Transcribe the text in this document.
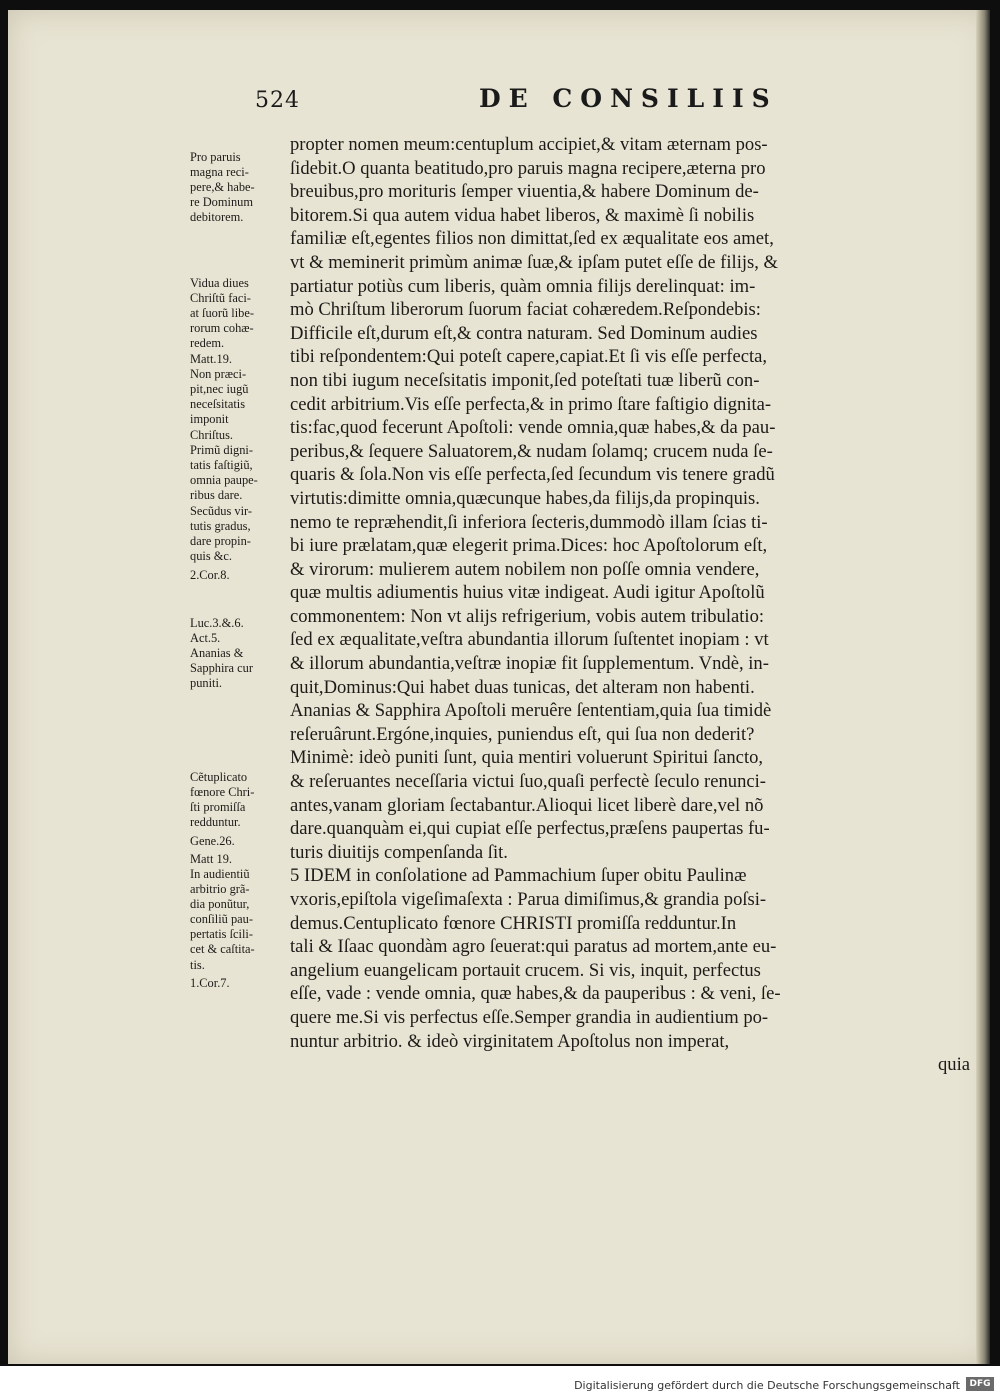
524	DE CONSILIIS
propter nomen meum:centuplum accipiet,& vitam æternam pos-
ſidebit.O quanta beatitudo,pro paruis magna recipere,æterna pro
breuibus,pro morituris ſemper viuentia,& habere Dominum de-
bitorem.Si qua autem vidua habet liberos, & maximè ſi nobilis
familiæ eſt,egentes filios non dimittat,ſed ex æqualitate eos amet,
vt & meminerit primùm animæ ſuæ,& ipſam putet eſſe de filijs, &
partiatur potiùs cum liberis, quàm omnia filijs derelinquat: im-
mò Chriſtum liberorum ſuorum faciat cohæredem.Reſpondebis:
Difficile eſt,durum eſt,& contra naturam. Sed Dominum audies
tibi reſpondentem:Qui poteſt capere,capiat.Et ſi vis eſſe perfecta,
non tibi iugum neceſsitatis imponit,ſed poteſtati tuæ liberũ con-
cedit arbitrium.Vis eſſe perfecta,& in primo ſtare faſtigio dignita-
tis:fac,quod fecerunt Apoſtoli: vende omnia,quæ habes,& da pau-
peribus,& ſequere Saluatorem,& nudam ſolamq; crucem nuda ſe-
quaris & ſola.Non vis eſſe perfecta,ſed ſecundum vis tenere gradũ
virtutis:dimitte omnia,quæcunque habes,da filijs,da propinquis.
nemo te repræhendit,ſi inferiora ſecteris,dummodò illam ſcias ti-
bi iure prælatam,quæ elegerit prima.Dices: hoc Apoſtolorum eſt,
& virorum: mulierem autem nobilem non poſſe omnia vendere,
quæ multis adiumentis huius vitæ indigeat. Audi igitur Apoſtolũ
commonentem: Non vt alijs refrigerium, vobis autem tribulatio:
ſed ex æqualitate,veſtra abundantia illorum ſuſtentet inopiam : vt
& illorum abundantia,veſtræ inopiæ fit ſupplementum. Vndè, in-
quit,Dominus:Qui habet duas tunicas, det alteram non habenti.
Ananias & Sapphira Apoſtoli meruêre ſententiam,quia ſua timidè
reſeruârunt.Ergóne,inquies, puniendus eſt, qui ſua non dederit?
Minimè: ideò puniti ſunt, quia mentiri voluerunt Spiritui ſancto,
& reſeruantes neceſſaria victui ſuo,quaſi perfectè ſeculo renunci-
antes,vanam gloriam ſectabantur.Alioqui licet liberè dare,vel nõ
dare.quanquàm ei,qui cupiat eſſe perfectus,præſens paupertas fu-
turis diuitijs compenſanda ſit.
5 IDEM in conſolatione ad Pammachium ſuper obitu Paulinæ
vxoris,epiſtola vigeſimaſexta : Parua dimiſimus,& grandia poſsi-
demus.Centuplicato fœnore CHRISTI promiſſa redduntur.In
tali & Iſaac quondàm agro ſeuerat:qui paratus ad mortem,ante eu-
angelium euangelicam portauit crucem. Si vis, inquit, perfectus
eſſe, vade : vende omnia, quæ habes,& da pauperibus : & veni, ſe-
quere me.Si vis perfectus eſſe.Semper grandia in audientium po-
nuntur arbitrio. & ideò virginitatem Apoſtolus non imperat,
quia
Pro paruis
magna reci-
pere,& habe-
re Dominum
debitorem.
Vidua diues
Chriſtũ faci-
at ſuorũ libe-
rorum cohæ-
redem.
Matt.19.
Non præci-
pit,nec iugũ
neceſsitatis
imponit
Chriſtus.
Primũ digni-
tatis faſtigiũ,
omnia paupe-
ribus dare.
Secũdus vir-
tutis gradus,
dare propin-
quis &c.
2.Cor.8.
Luc.3.&.6.
Act.5.
Ananias &
Sapphira cur
puniti.
Cẽtuplicato
fœnore Chri-
ſti promiſſa
redduntur.
Gene.26.
Matt 19.
In audientiũ
arbitrio grã-
dia ponũtur,
conſiliũ pau-
pertatis ſcili-
cet & caſtita-
tis.
1.Cor.7.
Digitalisierung gefördert durch die Deutsche Forschungsgemeinschaft	DFG
